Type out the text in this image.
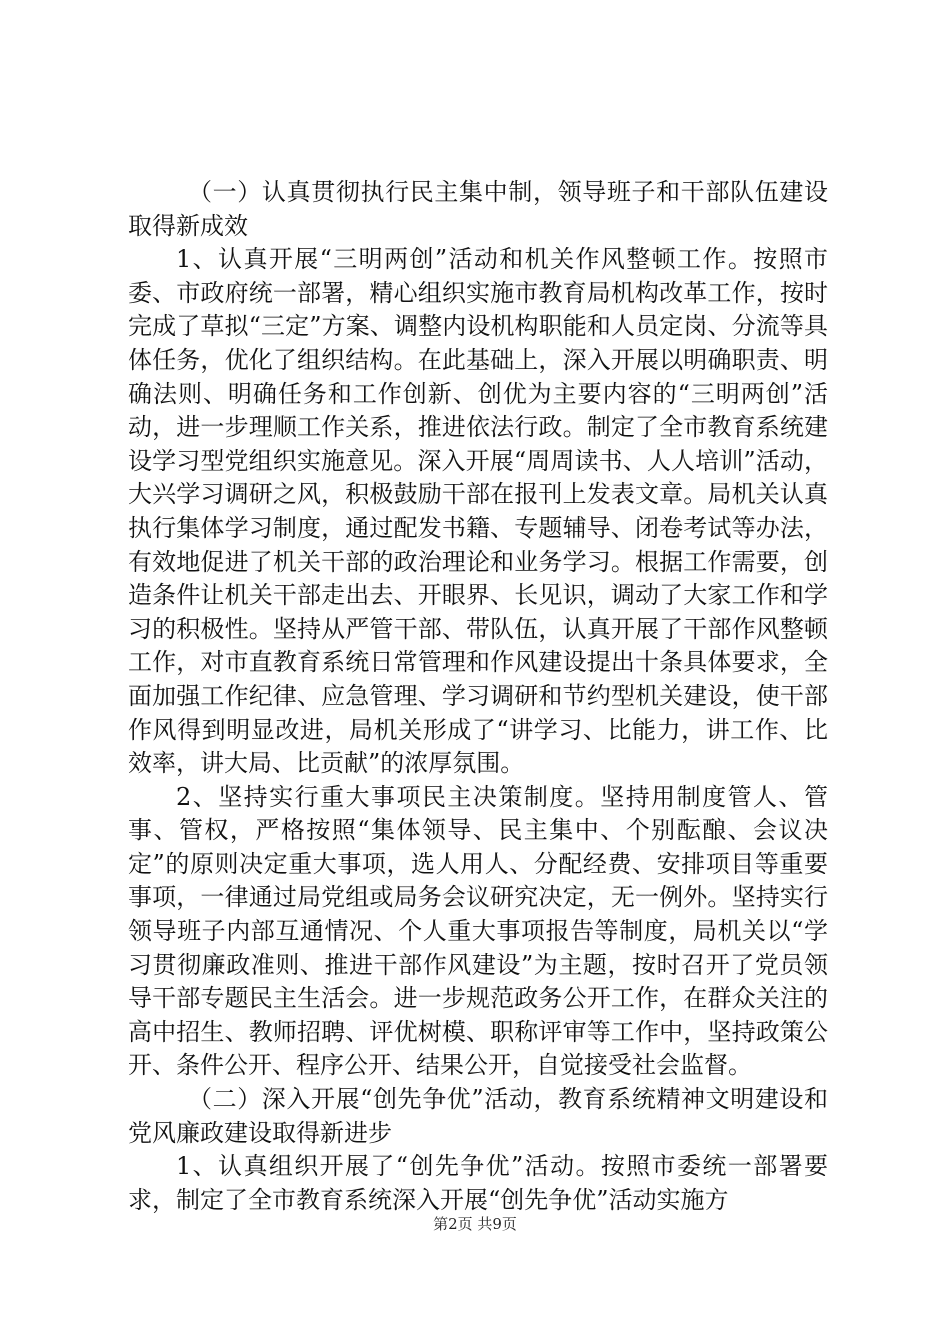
（一）认真贯彻执行民主集中制，领导班子和干部队伍建设取得新成效

1、认真开展“三明两创”活动和机关作风整顿工作。按照市委、市政府统一部署，精心组织实施市教育局机构改革工作，按时完成了草拟“三定”方案、调整内设机构职能和人员定岗、分流等具体任务，优化了组织结构。在此基础上，深入开展以明确职责、明确法则、明确任务和工作创新、创优为主要内容的“三明两创”活动，进一步理顺工作关系，推进依法行政。制定了全市教育系统建设学习型党组织实施意见。深入开展“周周读书、人人培训”活动，大兴学习调研之风，积极鼓励干部在报刊上发表文章。局机关认真执行集体学习制度，通过配发书籍、专题辅导、闭卷考试等办法，有效地促进了机关干部的政治理论和业务学习。根据工作需要，创造条件让机关干部走出去、开眼界、长见识，调动了大家工作和学习的积极性。坚持从严管干部、带队伍，认真开展了干部作风整顿工作，对市直教育系统日常管理和作风建设提出十条具体要求，全面加强工作纪律、应急管理、学习调研和节约型机关建设，使干部作风得到明显改进，局机关形成了“讲学习、比能力，讲工作、比效率，讲大局、比贡献”的浓厚氛围。

2、坚持实行重大事项民主决策制度。坚持用制度管人、管事、管权，严格按照“集体领导、民主集中、个别酝酿、会议决定”的原则决定重大事项，选人用人、分配经费、安排项目等重要事项，一律通过局党组或局务会议研究决定，无一例外。坚持实行领导班子内部互通情况、个人重大事项报告等制度，局机关以“学习贯彻廉政准则、推进干部作风建设”为主题，按时召开了党员领导干部专题民主生活会。进一步规范政务公开工作，在群众关注的高中招生、教师招聘、评优树模、职称评审等工作中，坚持政策公开、条件公开、程序公开、结果公开，自觉接受社会监督。

（二）深入开展“创先争优”活动，教育系统精神文明建设和党风廉政建设取得新进步

1、认真组织开展了“创先争优”活动。按照市委统一部署要求，制定了全市教育系统深入开展“创先争优”活动实施方

第2页 共9页
